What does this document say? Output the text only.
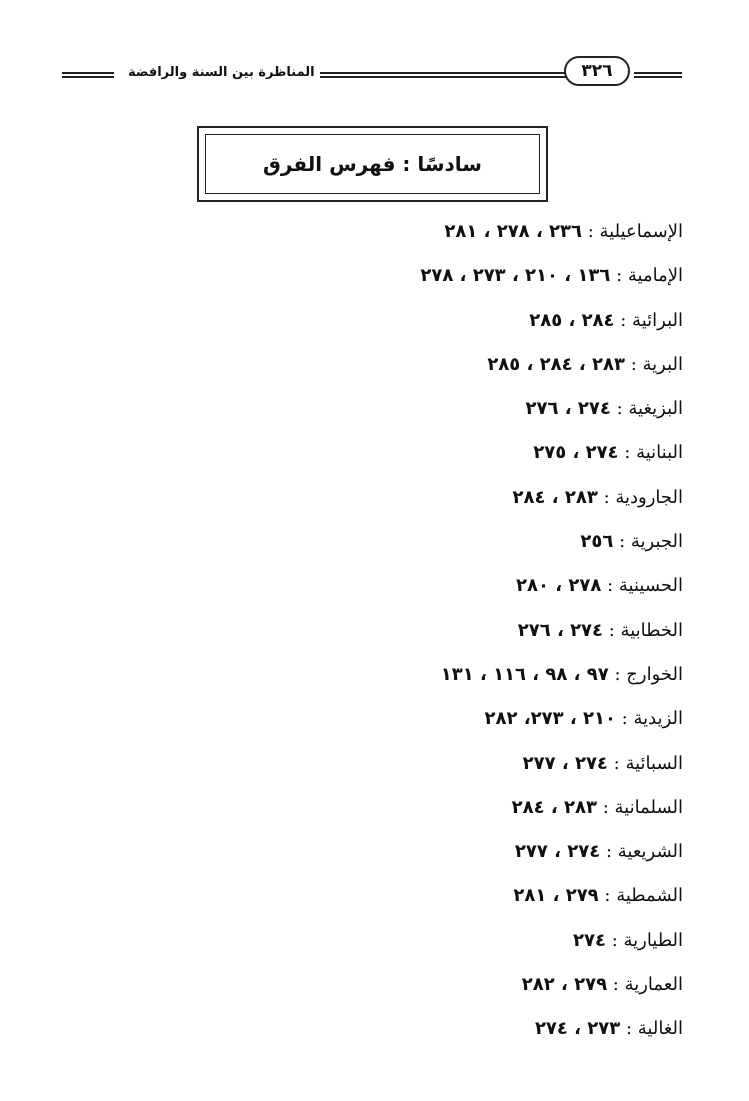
المناظرة بين السنة والرافضة	٣٢٦
سادسًا : فهرس الفرق
الإسماعيلية : ٢٣٦ ، ٢٧٨ ، ٢٨١
الإمامية : ١٣٦ ، ٢١٠ ، ٢٧٣ ، ٢٧٨
البرائية : ٢٨٤ ، ٢٨٥
البرية : ٢٨٣ ، ٢٨٤ ، ٢٨٥
البزيغية : ٢٧٤ ، ٢٧٦
البنانية : ٢٧٤ ، ٢٧٥
الجارودية : ٢٨٣ ، ٢٨٤
الجبرية : ٢٥٦
الحسينية : ٢٧٨ ، ٢٨٠
الخطابية : ٢٧٤ ، ٢٧٦
الخوارج : ٩٧ ، ٩٨ ، ١١٦ ، ١٣١
الزيدية : ٢١٠ ، ٢٧٣، ٢٨٢
السبائية : ٢٧٤ ، ٢٧٧
السلمانية : ٢٨٣ ، ٢٨٤
الشريعية : ٢٧٤ ، ٢٧٧
الشمطية : ٢٧٩ ، ٢٨١
الطيارية : ٢٧٤
العمارية : ٢٧٩ ، ٢٨٢
الغالية : ٢٧٣ ، ٢٧٤
